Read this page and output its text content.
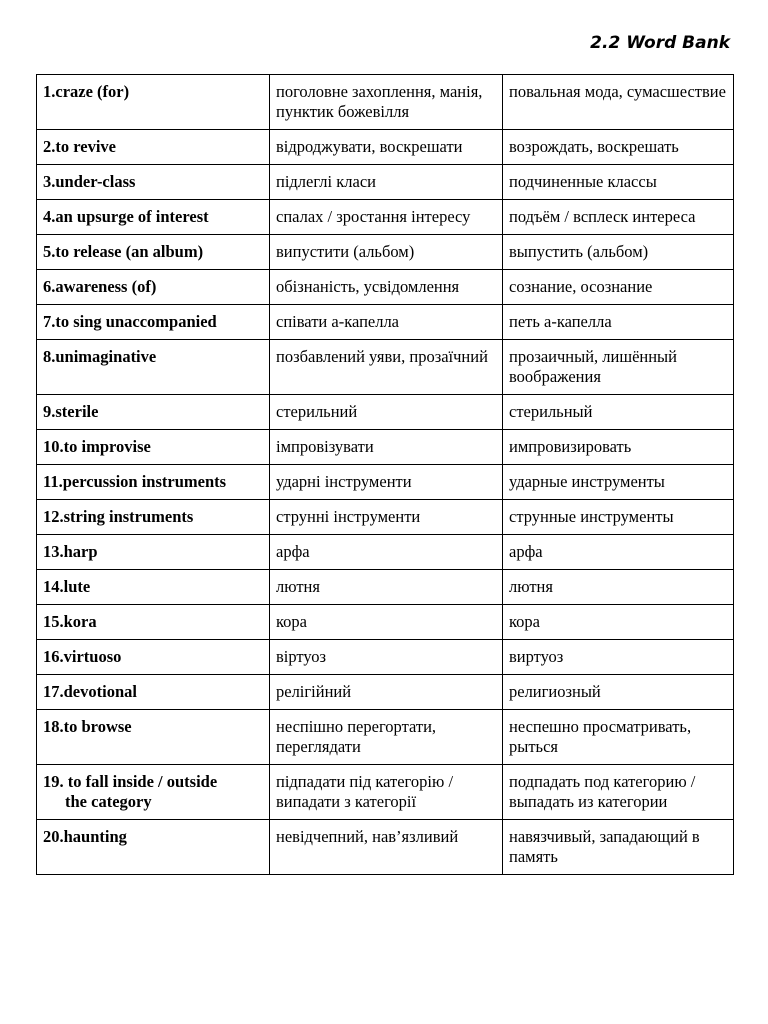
2.2 Word Bank
1. craze (for)	поголовне захоплення, манія, пунктик божевілля	повальная мода, сумасшествие

2. to revive	відроджувати, воскрешати	возрождать, воскрешать

3. under-class	підлеглі класи	подчиненные классы

4. an upsurge of interest	спалах / зростання інтересу	подъём / всплеск интереса

5. to release (an album)	випустити (альбом)	выпустить (альбом)

6. awareness (of)	обізнаність, усвідомлення	сознание, осознание

7. to sing unaccompanied	співати а-капелла	петь а-капелла

8. unimaginative	позбавлений уяви, прозаїчний	прозаичный, лишённый воображения

9. sterile	стерильний	стерильный

10. to improvise	імпровізувати	импровизировать

11. percussion instruments	ударні інструменти	ударные инструменты

12. string instruments	струнні інструменти	струнные инструменты

13. harp	арфа	арфа

14. lute	лютня	лютня

15. kora	кора	кора

16. virtuoso	віртуоз	виртуоз

17. devotional	релігійний	религиозный

18. to browse	неспішно перегортати, переглядати	неспешно просматривать, рыться

19. to fall inside / outside
the category	підпадати під категорію / випадати з категорії	подпадать под категорию / выпадать из категории

20. haunting	невідчепний, нав’язливий	навязчивый, западающий в память
